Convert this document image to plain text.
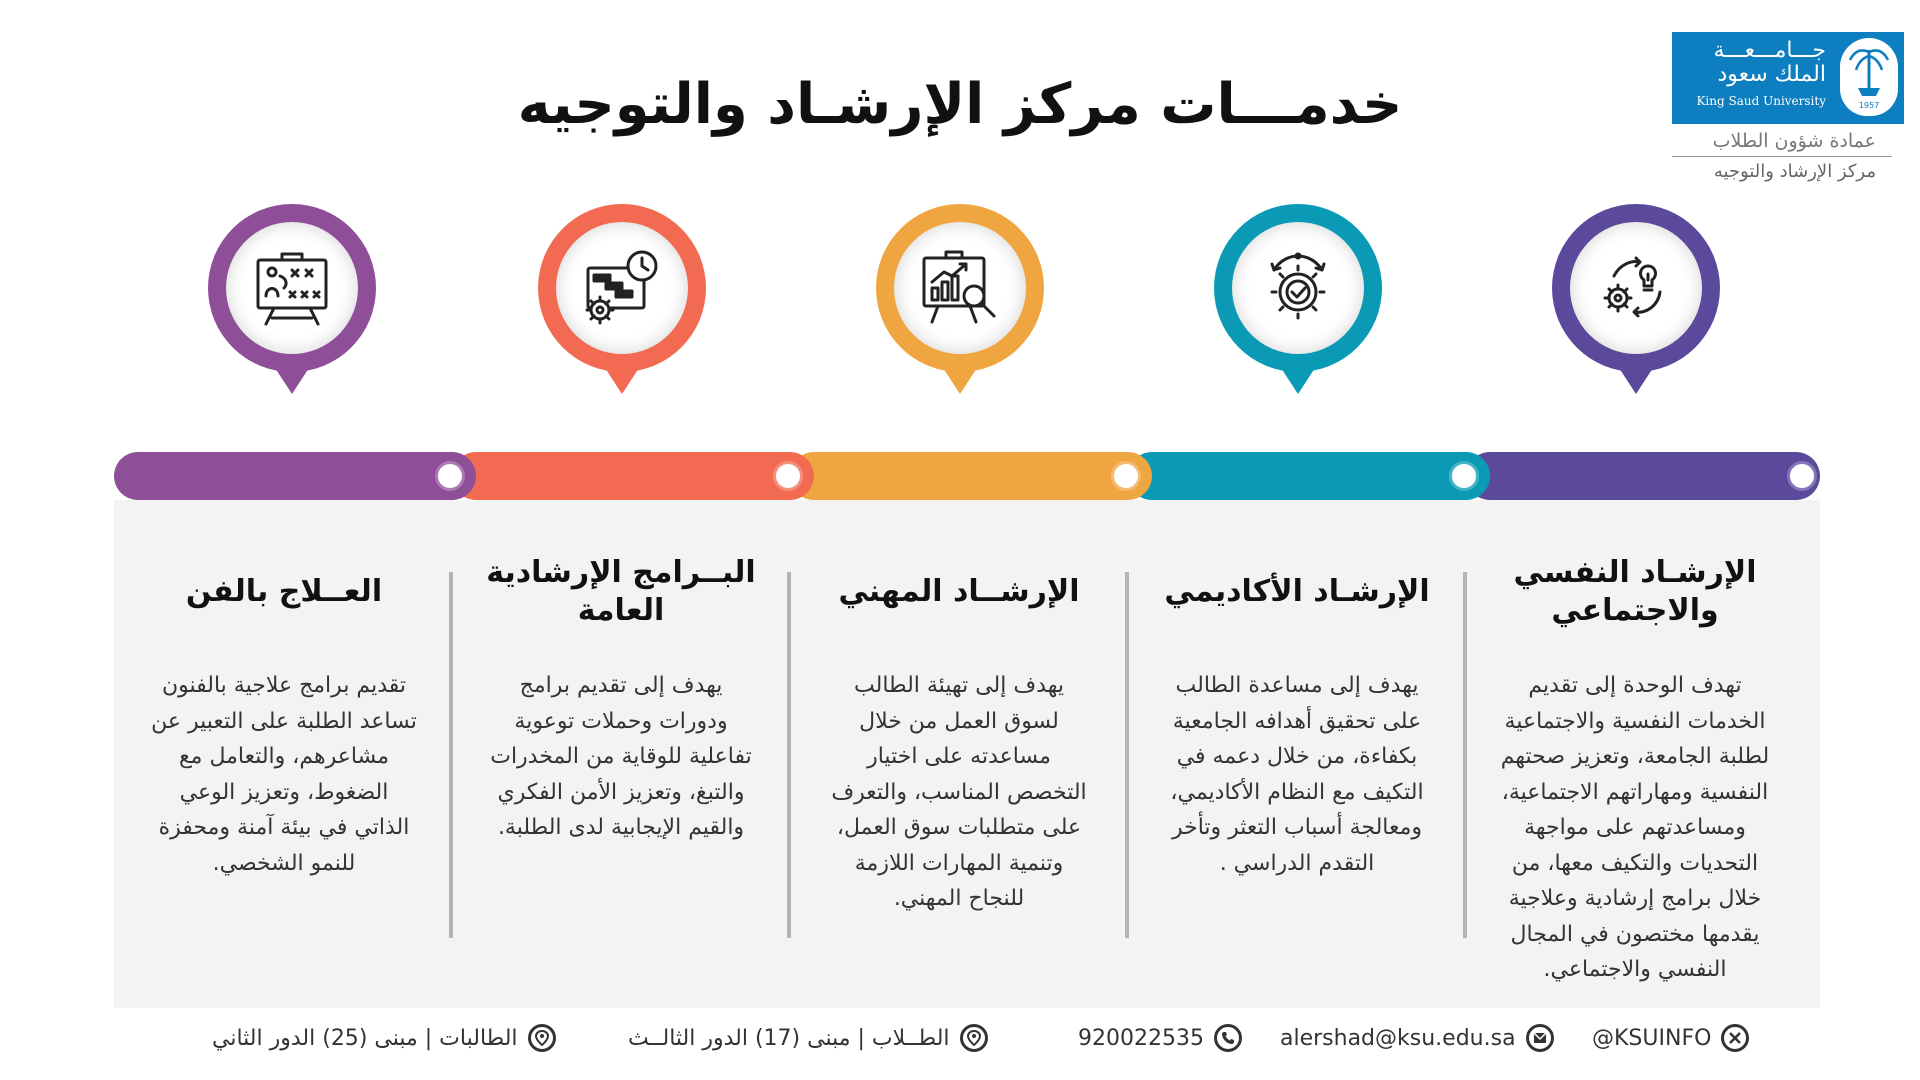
جـــامـــعـــة
الملك سعود
King Saud University	1957
عمادة شؤون الطلاب
مركز الإرشاد والتوجيه
خدمـــات مركز الإرشـاد والتوجيه
العــلاج بالفن
تقديم برامج علاجية بالفنون تساعد الطلبة على التعبير عن مشاعرهم، والتعامل مع الضغوط، وتعزيز الوعي الذاتي في بيئة آمنة ومحفزة للنمو الشخصي.
البــرامج الإرشادية العامة
يهدف إلى تقديم برامج ودورات وحملات توعوية تفاعلية للوقاية من المخدرات والتبغ، وتعزيز الأمن الفكري والقيم الإيجابية لدى الطلبة.
الإرشــاد المهني
يهدف إلى تهيئة الطالب لسوق العمل من خلال مساعدته على اختيار التخصص المناسب، والتعرف على متطلبات سوق العمل، وتنمية المهارات اللازمة للنجاح المهني.
الإرشـاد الأكاديمي
يهدف إلى مساعدة الطالب على تحقيق أهدافه الجامعية بكفاءة، من خلال دعمه في التكيف مع النظام الأكاديمي، ومعالجة أسباب التعثر وتأخر التقدم الدراسي .
الإرشـاد النفسي والاجتماعي
تهدف الوحدة إلى تقديم الخدمات النفسية والاجتماعية لطلبة الجامعة، وتعزيز صحتهم النفسية ومهاراتهم الاجتماعية، ومساعدتهم على مواجهة التحديات والتكيف معها، من خلال برامج إرشادية وعلاجية يقدمها مختصون في المجال النفسي والاجتماعي.
الطالبات | مبنى (25) الدور الثاني	الطــلاب | مبنى (17) الدور الثالــث	920022535	alershad@ksu.edu.sa	@KSUINFO
